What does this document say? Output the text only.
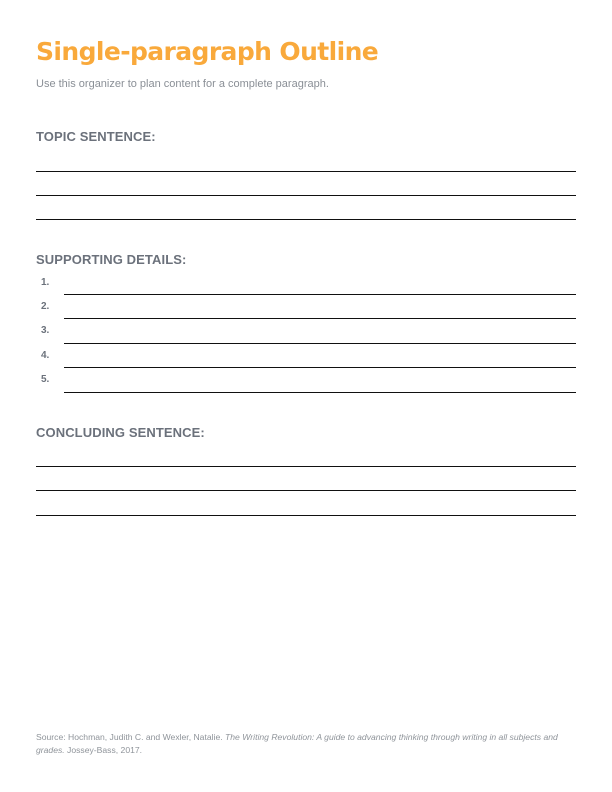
Single-paragraph Outline
Use this organizer to plan content for a complete paragraph.
TOPIC SENTENCE:
SUPPORTING DETAILS:
1.
2.
3.
4.
5.
CONCLUDING SENTENCE:
Source: Hochman, Judith C. and Wexler, Natalie. The Writing Revolution: A guide to advancing thinking through writing in all subjects and grades. Jossey-Bass, 2017.
